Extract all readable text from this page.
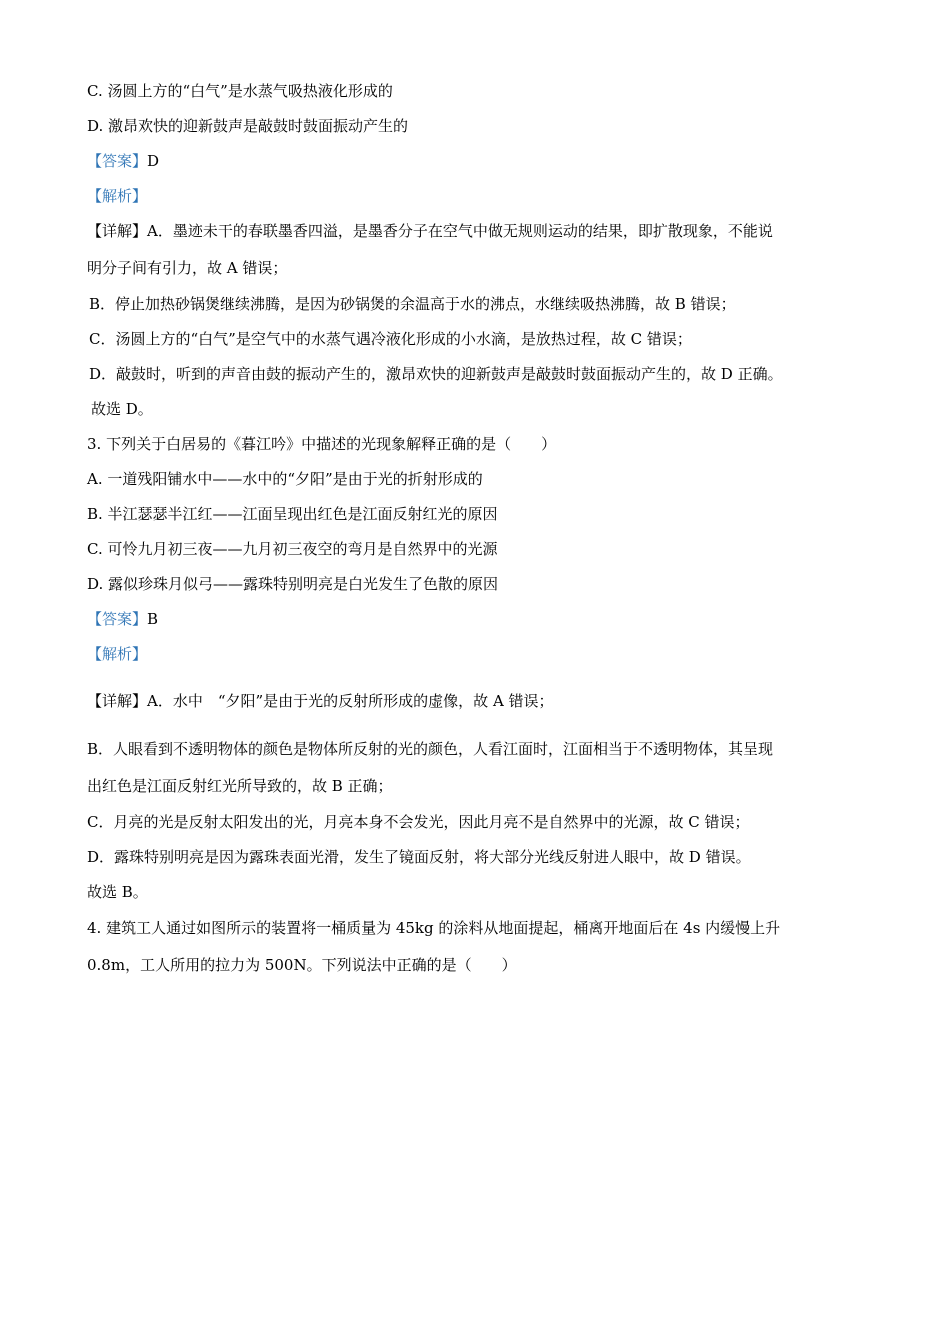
C. 汤圆上方的“白气”是水蒸气吸热液化形成的
D. 激昂欢快的迎新鼓声是敲鼓时鼓面振动产生的
【答案】D
【解析】
【详解】A．墨迹未干的春联墨香四溢，是墨香分子在空气中做无规则运动的结果，即扩散现象，不能说
明分子间有引力，故 A 错误；
B．停止加热砂锅煲继续沸腾，是因为砂锅煲的余温高于水的沸点，水继续吸热沸腾，故 B 错误；
C．汤圆上方的“白气”是空气中的水蒸气遇冷液化形成的小水滴，是放热过程，故 C 错误；
D．敲鼓时，听到的声音由鼓的振动产生的，激昂欢快的迎新鼓声是敲鼓时鼓面振动产生的，故 D 正确。
故选 D。
3. 下列关于白居易的《暮江吟》中描述的光现象解释正确的是（　　）
A. 一道残阳铺水中——水中的“夕阳”是由于光的折射形成的
B. 半江瑟瑟半江红——江面呈现出红色是江面反射红光的原因
C. 可怜九月初三夜——九月初三夜空的弯月是自然界中的光源
D. 露似珍珠月似弓——露珠特别明亮是白光发生了色散的原因
【答案】B
【解析】
【详解】A．水中　“夕阳”是由于光的反射所形成的虚像，故 A 错误；
B．人眼看到不透明物体的颜色是物体所反射的光的颜色，人看江面时，江面相当于不透明物体，其呈现
出红色是江面反射红光所导致的，故 B 正确；
C．月亮的光是反射太阳发出的光，月亮本身不会发光，因此月亮不是自然界中的光源，故 C 错误；
D．露珠特别明亮是因为露珠表面光滑，发生了镜面反射，将大部分光线反射进人眼中，故 D 错误。
故选 B。
4. 建筑工人通过如图所示的装置将一桶质量为 45kg 的涂料从地面提起，桶离开地面后在 4s 内缓慢上升
0.8m，工人所用的拉力为 500N。下列说法中正确的是（　　）
